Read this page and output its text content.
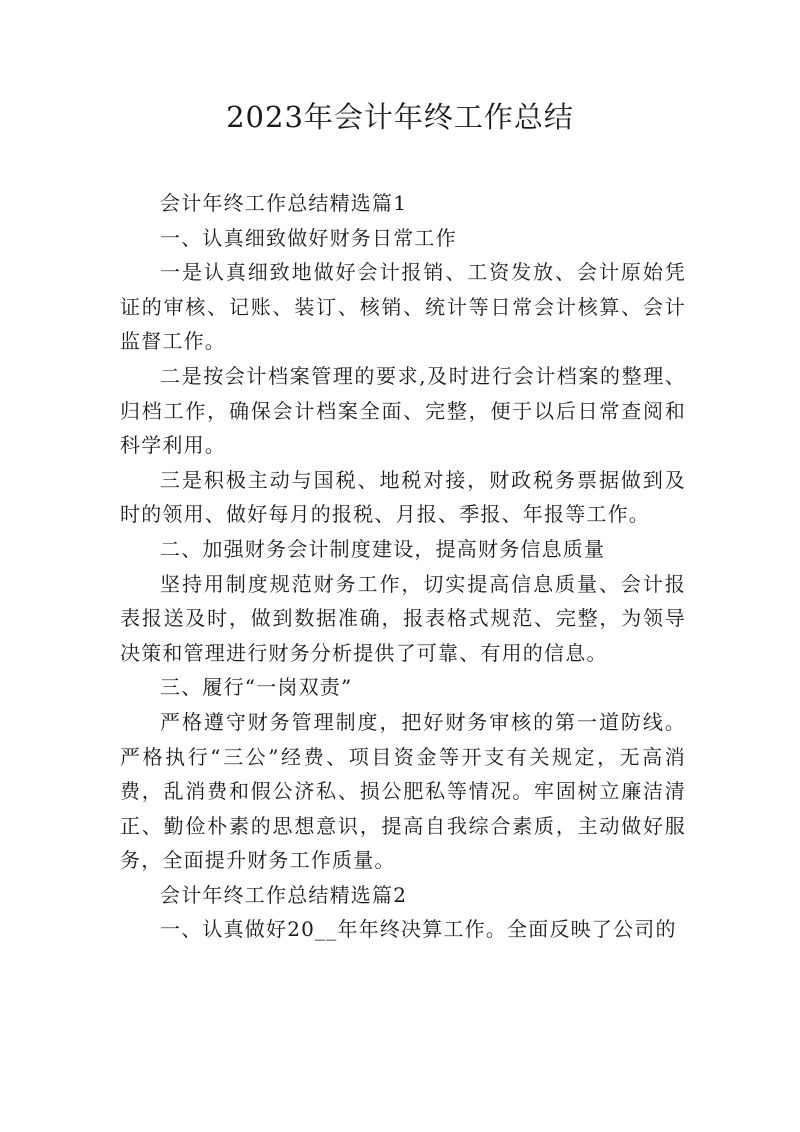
2023年会计年终工作总结

会计年终工作总结精选篇1

一、认真细致做好财务日常工作

一是认真细致地做好会计报销、工资发放、会计原始凭证的审核、记账、装订、核销、统计等日常会计核算、会计监督工作。

二是按会计档案管理的要求,及时进行会计档案的整理、归档工作，确保会计档案全面、完整，便于以后日常查阅和科学利用。

三是积极主动与国税、地税对接，财政税务票据做到及时的领用、做好每月的报税、月报、季报、年报等工作。

二、加强财务会计制度建设，提高财务信息质量

坚持用制度规范财务工作，切实提高信息质量、会计报表报送及时，做到数据准确，报表格式规范、完整，为领导决策和管理进行财务分析提供了可靠、有用的信息。

三、履行“一岗双责”

严格遵守财务管理制度，把好财务审核的第一道防线。严格执行“三公”经费、项目资金等开支有关规定，无高消费，乱消费和假公济私、损公肥私等情况。牢固树立廉洁清正、勤俭朴素的思想意识，提高自我综合素质，主动做好服务，全面提升财务工作质量。

会计年终工作总结精选篇2

一、认真做好20__年年终决算工作。全面反映了公司的
